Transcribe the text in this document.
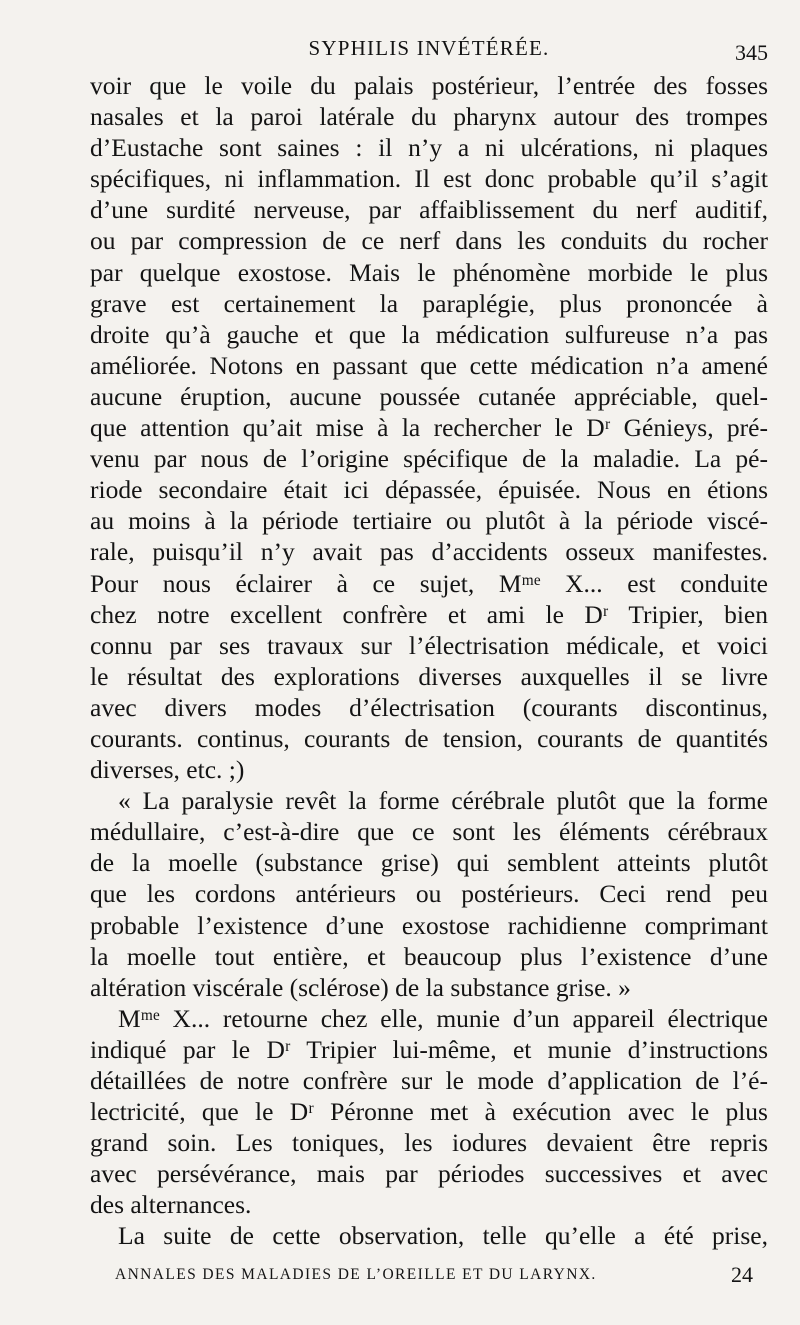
SYPHILIS INVÉTÉRÉE.	345
voir que le voile du palais postérieur, l’entrée des fosses
nasales et la paroi latérale du pharynx autour des trompes
d’Eustache sont saines : il n’y a ni ulcérations, ni plaques
spécifiques, ni inflammation. Il est donc probable qu’il s’agit
d’une surdité nerveuse, par affaiblissement du nerf auditif,
ou par compression de ce nerf dans les conduits du rocher
par quelque exostose. Mais le phénomène morbide le plus
grave est certainement la paraplégie, plus prononcée à
droite qu’à gauche et que la médication sulfureuse n’a pas
améliorée. Notons en passant que cette médication n’a amené
aucune éruption, aucune poussée cutanée appréciable, quel-
que attention qu’ait mise à la rechercher le Dʳ Génieys, pré-
venu par nous de l’origine spécifique de la maladie. La pé-
riode secondaire était ici dépassée, épuisée. Nous en étions
au moins à la période tertiaire ou plutôt à la période viscé-
rale, puisqu’il n’y avait pas d’accidents osseux manifestes.
Pour nous éclairer à ce sujet, Mᵐᵉ X... est conduite
chez notre excellent confrère et ami le Dʳ Tripier, bien
connu par ses travaux sur l’électrisation médicale, et voici
le résultat des explorations diverses auxquelles il se livre
avec divers modes d’électrisation (courants discontinus,
courants. continus, courants de tension, courants de quantités
diverses, etc. ;)
« La paralysie revêt la forme cérébrale plutôt que la forme
médullaire, c’est-à-dire que ce sont les éléments cérébraux
de la moelle (substance grise) qui semblent atteints plutôt
que les cordons antérieurs ou postérieurs. Ceci rend peu
probable l’existence d’une exostose rachidienne comprimant
la moelle tout entière, et beaucoup plus l’existence d’une
altération viscérale (sclérose) de la substance grise. »
Mᵐᵉ X... retourne chez elle, munie d’un appareil électrique
indiqué par le Dʳ Tripier lui-même, et munie d’instructions
détaillées de notre confrère sur le mode d’application de l’é-
lectricité, que le Dʳ Péronne met à exécution avec le plus
grand soin. Les toniques, les iodures devaient être repris
avec persévérance, mais par périodes successives et avec
des alternances.
La suite de cette observation, telle qu’elle a été prise,
ANNALES DES MALADIES DE L’OREILLE ET DU LARYNX.	24
